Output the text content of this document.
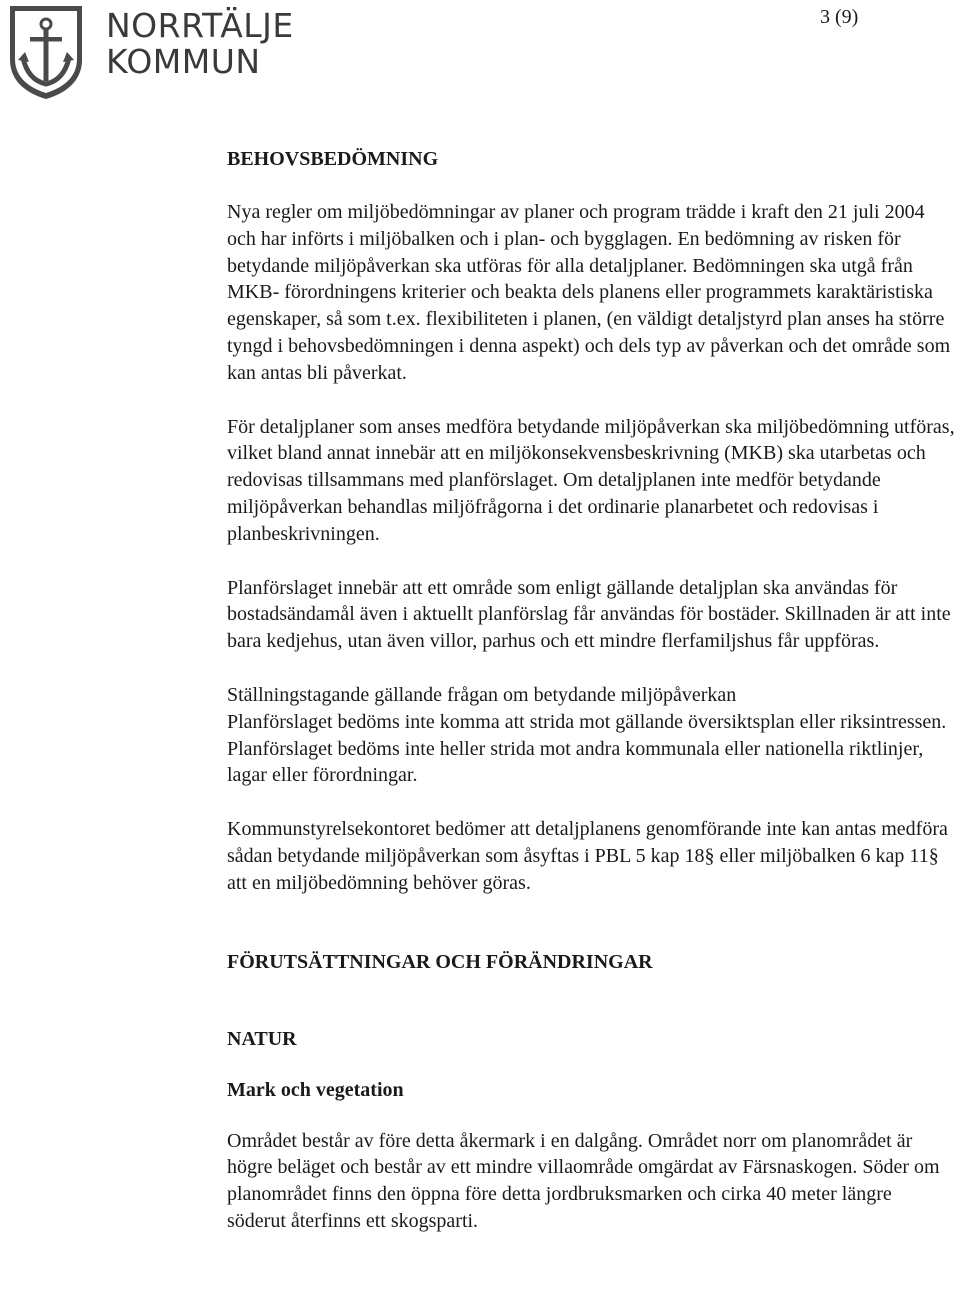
NORRTÄLJE
KOMMUN
3 (9)
BEHOVSBEDÖMNING

Nya regler om miljöbedömningar av planer och program trädde i kraft den 21 juli 2004 och har införts i miljöbalken och i plan- och bygglagen. En bedömning av risken för betydande miljöpåverkan ska utföras för alla detaljplaner. Bedömningen ska utgå från MKB- förordningens kriterier och beakta dels planens eller programmets karaktäristiska egenskaper, så som t.ex. flexibiliteten i planen, (en väldigt detaljstyrd plan anses ha större tyngd i behovsbedömningen i denna aspekt) och dels typ av påverkan och det område som kan antas bli påverkat.

För detaljplaner som anses medföra betydande miljöpåverkan ska miljöbedömning utföras, vilket bland annat innebär att en miljökonsekvensbeskrivning (MKB) ska utarbetas och redovisas tillsammans med planförslaget. Om detaljplanen inte medför betydande miljöpåverkan behandlas miljöfrågorna i det ordinarie planarbetet och redovisas i planbeskrivningen.

Planförslaget innebär att ett område som enligt gällande detaljplan ska användas för bostadsändamål även i aktuellt planförslag får användas för bostäder. Skillnaden är att inte bara kedjehus, utan även villor, parhus och ett mindre flerfamiljshus får uppföras.

Ställningstagande gällande frågan om betydande miljöpåverkan

Planförslaget bedöms inte komma att strida mot gällande översiktsplan eller riksintressen. Planförslaget bedöms inte heller strida mot andra kommunala eller nationella riktlinjer, lagar eller förordningar.

Kommunstyrelsekontoret bedömer att detaljplanens genomförande inte kan antas medföra sådan betydande miljöpåverkan som åsyftas i PBL 5 kap 18§ eller miljöbalken 6 kap 11§ att en miljöbedömning behöver göras.

FÖRUTSÄTTNINGAR OCH FÖRÄNDRINGAR
NATUR
Mark och vegetation

Området består av före detta åkermark i en dalgång. Området norr om planområdet är högre beläget och består av ett mindre villaområde omgärdat av Färsnaskogen. Söder om planområdet finns den öppna före detta jordbruksmarken och cirka 40 meter längre söderut återfinns ett skogsparti.
